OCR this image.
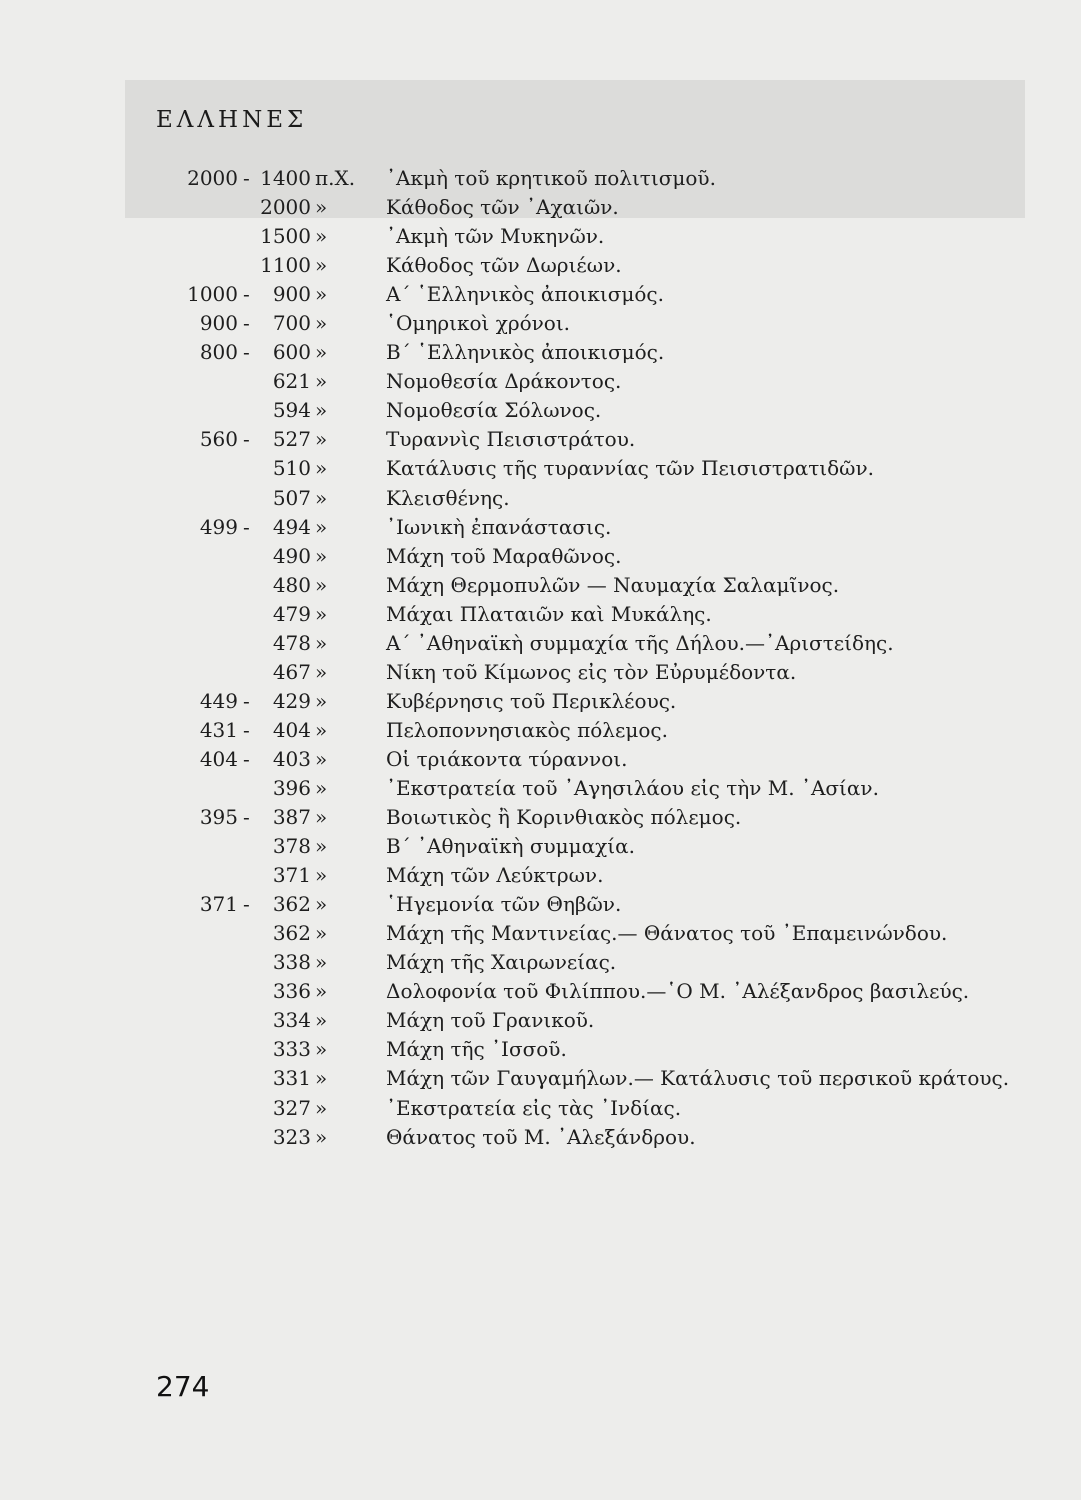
ΕΛΛΗΝΕΣ
2000 - 1400 π.Χ. ᾿Ακμὴ τοῦ κρητικοῦ πολιτισμοῦ.
2000 »	Κάθοδος τῶν ᾿Αχαιῶν.
1500 »	᾿Ακμὴ τῶν Μυκηνῶν.
1100 »	Κάθοδος τῶν Δωριέων.
1000 - 900 »	Α΄ ῾Ελληνικὸς ἀποικισμός.
900 - 700 »	῾Ομηρικοὶ χρόνοι.
800 - 600 »	Β΄ ῾Ελληνικὸς ἀποικισμός.
621 »	Νομοθεσία Δράκοντος.
594 »	Νομοθεσία Σόλωνος.
560 - 527 »	Τυραννὶς Πεισιστράτου.
510 »	Κατάλυσις τῆς τυραννίας τῶν Πεισιστρατιδῶν.
507 »	Κλεισθένης.
499 - 494 »	᾿Ιωνικὴ ἐπανάστασις.
490 »	Μάχη τοῦ Μαραθῶνος.
480 »	Μάχη Θερμοπυλῶν — Ναυμαχία Σαλαμῖνος.
479 »	Μάχαι Πλαταιῶν καὶ Μυκάλης.
478 »	Α΄ ᾿Αθηναϊκὴ συμμαχία τῆς Δήλου.—᾿Αριστείδης.
467 »	Νίκη τοῦ Κίμωνος εἰς τὸν Εὐρυμέδοντα.
449 - 429 »	Κυβέρνησις τοῦ Περικλέους.
431 - 404 »	Πελοποννησιακὸς πόλεμος.
404 - 403 »	Οἱ τριάκοντα τύραννοι.
396 »	᾿Εκστρατεία τοῦ ᾿Αγησιλάου εἰς τὴν Μ. ᾿Ασίαν.
395 - 387 »	Βοιωτικὸς ἢ Κορινθιακὸς πόλεμος.
378 »	Β΄ ᾿Αθηναϊκὴ συμμαχία.
371 »	Μάχη τῶν Λεύκτρων.
371 - 362 »	῾Ηγεμονία τῶν Θηβῶν.
362 »	Μάχη τῆς Μαντινείας.— Θάνατος τοῦ ᾿Επαμεινώνδου.
338 »	Μάχη τῆς Χαιρωνείας.
336 »	Δολοφονία τοῦ Φιλίππου.—῾Ο Μ. ᾿Αλέξανδρος βασιλεύς.
334 »	Μάχη τοῦ Γρανικοῦ.
333 »	Μάχη τῆς ᾿Ισσοῦ.
331 »	Μάχη τῶν Γαυγαμήλων.— Κατάλυσις τοῦ περσικοῦ κράτους.
327 »	᾿Εκστρατεία εἰς τὰς ᾿Ινδίας.
323 »	Θάνατος τοῦ Μ. ᾿Αλεξάνδρου.
274
